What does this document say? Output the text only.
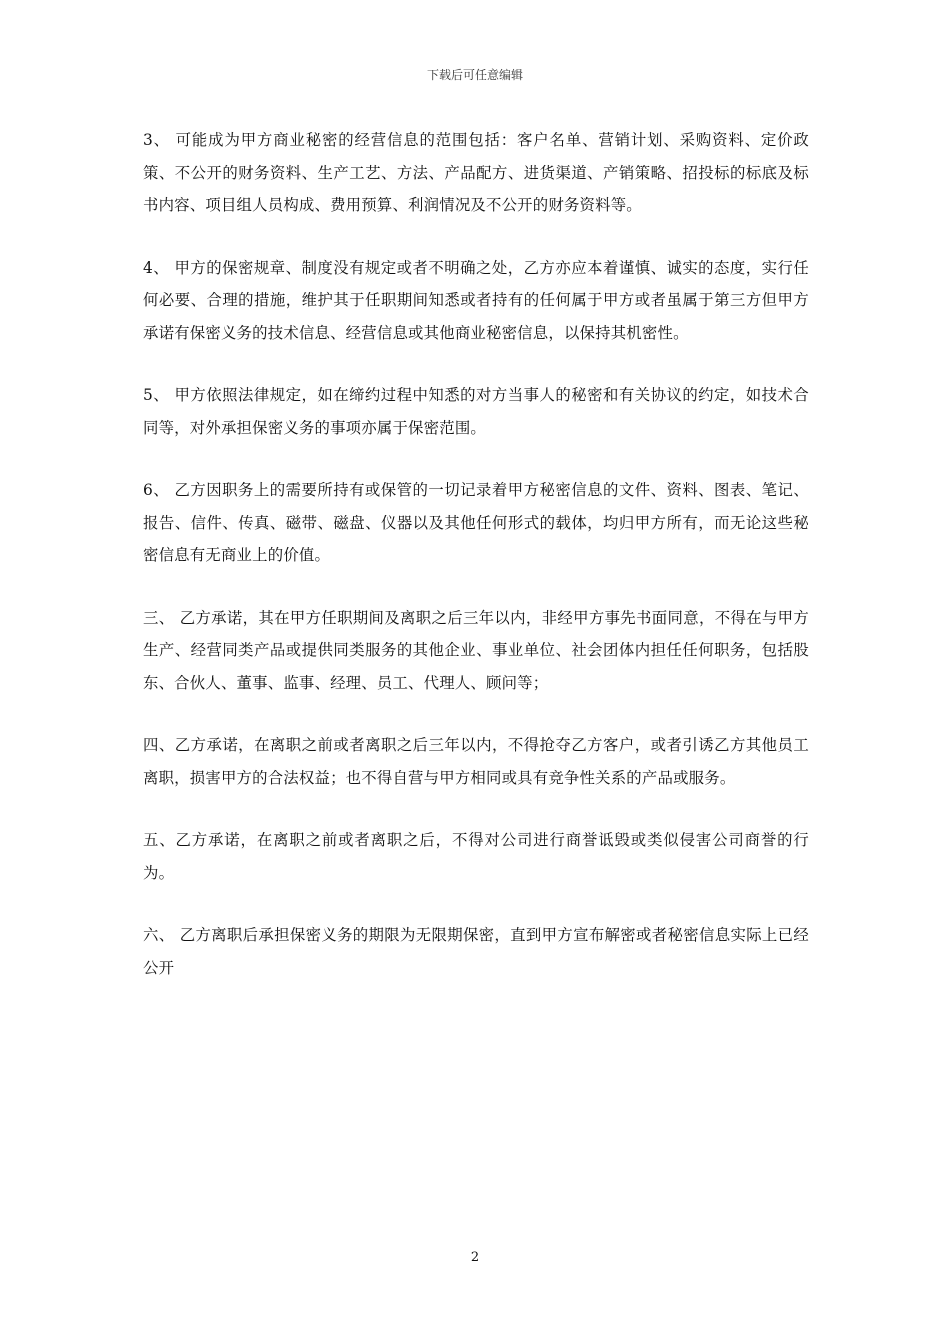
下载后可任意编辑

3、 可能成为甲方商业秘密的经营信息的范围包括：客户名单、营销计划、采购资料、定价政策、不公开的财务资料、生产工艺、方法、产品配方、进货渠道、产销策略、招投标的标底及标书内容、项目组人员构成、费用预算、利润情况及不公开的财务资料等。

4、 甲方的保密规章、制度没有规定或者不明确之处，乙方亦应本着谨慎、诚实的态度，实行任何必要、合理的措施，维护其于任职期间知悉或者持有的任何属于甲方或者虽属于第三方但甲方承诺有保密义务的技术信息、经营信息或其他商业秘密信息，以保持其机密性。

5、 甲方依照法律规定，如在缔约过程中知悉的对方当事人的秘密和有关协议的约定，如技术合同等，对外承担保密义务的事项亦属于保密范围。

6、 乙方因职务上的需要所持有或保管的一切记录着甲方秘密信息的文件、资料、图表、笔记、报告、信件、传真、磁带、磁盘、仪器以及其他任何形式的载体，均归甲方所有，而无论这些秘密信息有无商业上的价值。

三、 乙方承诺，其在甲方任职期间及离职之后三年以内，非经甲方事先书面同意，不得在与甲方生产、经营同类产品或提供同类服务的其他企业、事业单位、社会团体内担任任何职务，包括股东、合伙人、董事、监事、经理、员工、代理人、顾问等；

四、乙方承诺，在离职之前或者离职之后三年以内，不得抢夺乙方客户，或者引诱乙方其他员工离职，损害甲方的合法权益；也不得自营与甲方相同或具有竞争性关系的产品或服务。

五、乙方承诺，在离职之前或者离职之后，不得对公司进行商誉诋毁或类似侵害公司商誉的行为。

六、 乙方离职后承担保密义务的期限为无限期保密，直到甲方宣布解密或者秘密信息实际上已经公开

2
